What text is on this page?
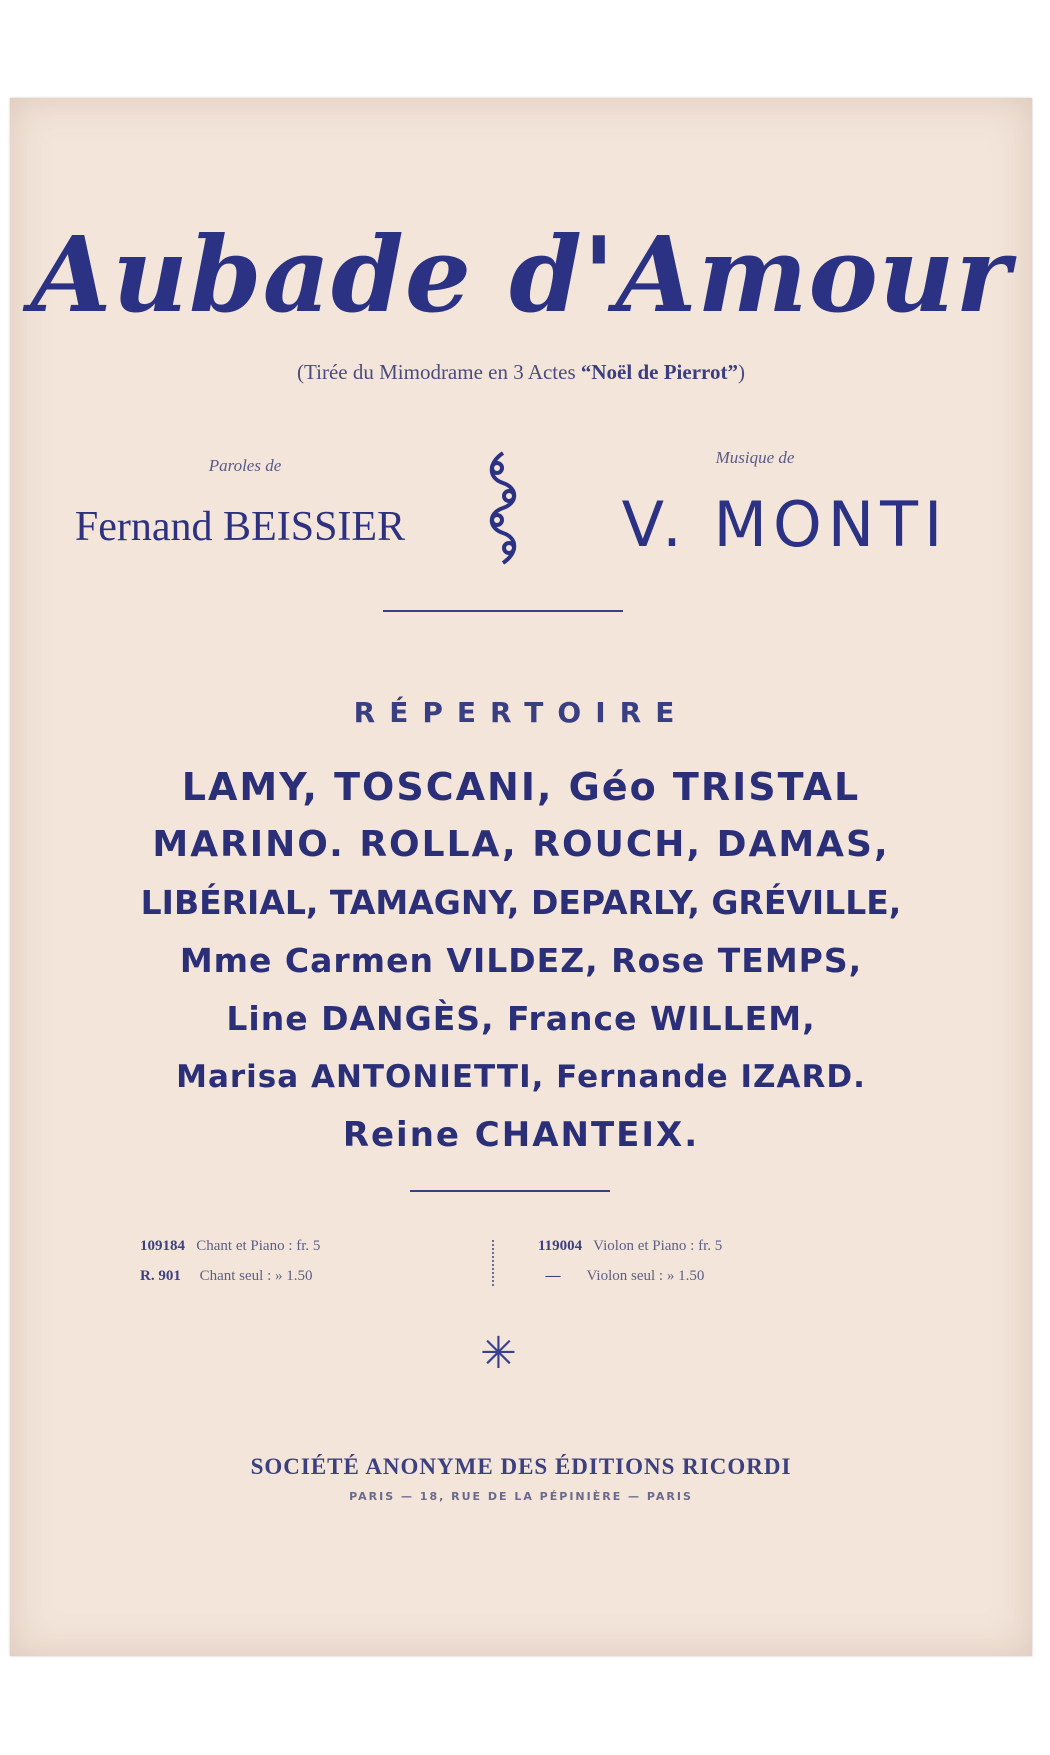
Aubade d'Amour
(Tirée du Mimodrame en 3 Actes “Noël de Pierrot”)
Paroles de
Fernand BEISSIER
Musique de
V. MONTI
RÉPERTOIRE
LAMY, TOSCANI, Géo TRISTAL
MARINO. ROLLA, ROUCH, DAMAS,
LIBÉRIAL, TAMAGNY, DEPARLY, GRÉVILLE,
Mme Carmen VILDEZ, Rose TEMPS,
Line DANGÈS, France WILLEM,
Marisa ANTONIETTI, Fernande IZARD.
Reine CHANTEIX.
109184 Chant et Piano : fr. 5
R. 901 Chant seul : » 1.50
119004 Violon et Piano : fr. 5
— Violon seul : » 1.50
✳
SOCIÉTÉ ANONYME DES ÉDITIONS RICORDI
PARIS — 18, RUE DE LA PÉPINIÈRE — PARIS
